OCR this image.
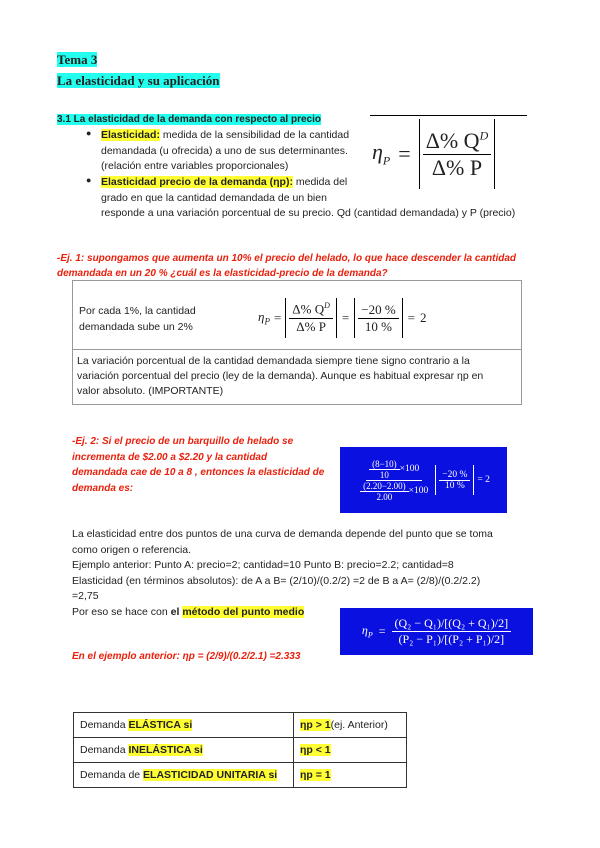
Tema 3
La elasticidad y su aplicación
3.1 La elasticidad de la demanda con respecto al precio
● Elasticidad: medida de la sensibilidad de la cantidad
demandada (u ofrecida) a uno de sus determinantes.
(relación entre variables proporcionales)
● Elasticidad precio de la demanda (ηp): medida del
grado en que la cantidad demandada de un bien
responde a una variación porcentual de su precio. Qd (cantidad demandada) y P (precio)
$\eta_P = \frac{\Delta\% Q^D}{\Delta\% P}$
-Ej. 1: supongamos que aumenta un 10% el precio del helado, lo que hace descender la cantidad
demandada en un 20 % ¿cuál es la elasticidad-precio de la demanda?
Por cada 1%, la cantidad
demandada sube un 2%
$\eta_P = \frac{\Delta\% Q^D}{\Delta\% P} = \frac{-20 \%}{10 \%} = 2$
La variación porcentual de la cantidad demandada siempre tiene signo contrario a la
variación porcentual del precio (ley de la demanda). Aunque es habitual expresar ηp en
valor absoluto. (IMPORTANTE)
-Ej. 2: Si el precio de un barquillo de helado se
incrementa de $2.00 a $2.20 y la cantidad
demandada cae de 10 a 8 , entonces la elasticidad de
demanda es:	$\frac{\frac{(8-10)}{10} \times 100}{\frac{(2.20-2.00)}{2.00} \times 100} \frac{-20 \%}{10 \%} = 2$
La elasticidad entre dos puntos de una curva de demanda depende del punto que se toma
como origen o referencia.
Ejemplo anterior: Punto A: precio=2; cantidad=10 Punto B: precio=2.2; cantidad=8
Elasticidad (en términos absolutos): de A a B= (2/10)/(0.2/2) =2 de B a A= (2/8)/(0.2/2.2)
=2,75
Por eso se hace con el método del punto medio
$\eta_P = \frac{\text{(Q₂ − Q₁)/[(Q₂ + Q₁)/2]}}{\text{(P₂ − P₁)/[(P₂ + P₁)/2]}}$
En el ejemplo anterior: ηp = (2/9)/(0.2/2.1) =2.333
Demanda ELÁSTICA si	ηp > 1(ej. Anterior)
Demanda INELÁSTICA si	ηp < 1
Demanda de ELASTICIDAD UNITARIA si	ηp = 1
